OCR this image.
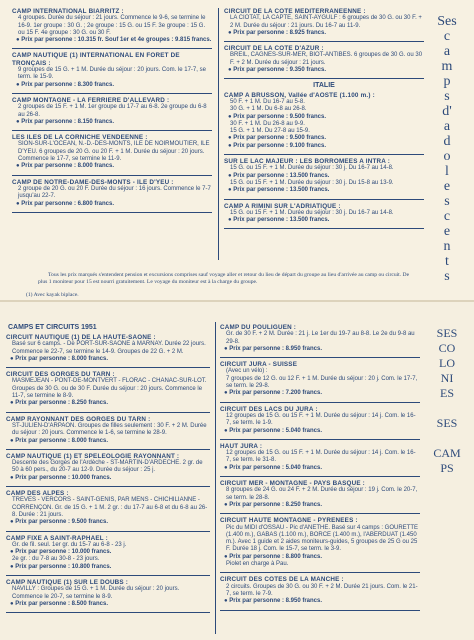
CAMP INTERNATIONAL BIARRITZ :
4 groupes. Durée du séjour : 21 jours. Commence le 9-6, se termine le 16-9. 1er groupe : 30 G. ; 2e groupe : 15 G. ou 15 F. 3e groupe : 15 G. ou 15 F. 4e groupe : 30 G. ou 30 F.
● Prix par personne : 10.315 fr. Souf 1er et 4e groupes : 9.815 francs.
CAMP NAUTIQUE (1) INTERNATIONAL EN FORET DE TRONÇAIS :
9 groupes de 15 G. + 1 M. Durée du séjour : 20 jours. Com. le 17-7, se term. le 15-9.
● Prix par personne : 8.300 francs.
CAMP MONTAGNE - LA FERRIERE D'ALLEVARD :
2 groupes de 15 F. + 1 M. 1er groupe du 17-7 au 6-8. 2e groupe du 6-8 au 26-8.
● Prix par personne : 8.150 francs.
LES ILES DE LA CORNICHE VENDEENNE :
SION-SUR-L'OCEAN, N.-D.-DES-MONTS, ILE DE NOIRMOUTIER, ILE D'YEU. 6 groupes de 20 G. ou 20 F. + 1 M. Durée du séjour : 20 jours. Commence le 17-7, se termine le 11-9.
● Prix par personne : 8.000 francs.
CAMP DE NOTRE-DAME-DES-MONTS - ILE D'YEU :
2 groupe de 20 G. ou 20 F. Durée du séjour : 16 jours. Commence le 7-7 jusqu'au 22-7.
● Prix par personne : 6.800 francs.
CIRCUIT DE LA COTE MEDITERRANEENNE :
LA CIOTAT, LA CAPTE, SAINT-AYGULF : 6 groupes de 30 G. ou 30 F. + 2 M. Durée du séjour : 21 jours. Du 16-7 au 11-9.
● Prix par personne : 8.925 francs.
CIRCUIT DE LA COTE D'AZUR :
BREIL, CAGNES-SUR-MER, BIOT-ANTIBES. 6 groupes de 30 G. ou 30 F. + 2 M. Durée du séjour : 21 jours.
● Prix par personne : 9.350 francs.
ITALIE
CAMP A BRUSSON, Vallée d'AOSTE (1.100 m.) :
50 F. + 1 M. Du 16-7 au 5-8.
30 G. + 1 M. Du 6-8 au 26-8.
● Prix par personne : 9.500 francs.
30 F. + 1 M. Du 26-8 au 9-9.
15 G. + 1 M. Du 27-8 au 15-9.
● Prix par personne : 9.500 francs.
● Prix par personne : 9.100 francs.
SUR LE LAC MAJEUR : LES BORROMEES A INTRA :
15 G. ou 15 F. + 1 M. Durée du séjour : 30 j. Du 16-7 au 14-8.
● Prix par personne : 13.500 francs.
15 G. ou 15 F. + 1 M. Durée du séjour : 30 j. Du 15-8 au 13-9.
● Prix par personne : 13.500 francs.
CAMP A RIMINI SUR L'ADRIATIQUE :
15 G. ou 15 F. + 1 M. Durée du séjour : 30 j. Du 16-7 au 14-8.
● Prix par personne : 13.500 francs.
Ses
c
a
m
p
s
d'
a
d
o
l
e
s
c
e
n
t
s
Tous les prix marqués s'entendent pension et excursions comprises sauf voyage aller et retour du lieu de départ du groupe au lieu d'arrivée au camp ou circuit. De plus 1 moniteur pour 15 est nourri gratuitement. Le voyage du moniteur est à la charge du groupe.
(1) Avec kayak biplace.
CAMPS ET CIRCUITS 1951
CIRCUIT NAUTIQUE (1) DE LA HAUTE-SAONE :
Basé sur 6 camps. - De PORT-SUR-SAONE à MARNAY. Durée 22 jours. Commence le 22-7, se termine le 14-9. Groupes de 22 G. + 2 M.
● Prix par personne : 8.000 francs.
CIRCUIT DES GORGES DU TARN :
MASMEJEAN - PONT-DE-MONTVERT - FLORAC - CHANAC-SUR-LOT. Groupes de 30 G. ou de 30 F. Durée du séjour : 20 jours. Commence le 11-7, se termine le 8-9.
● Prix par personne : 8.250 francs.
CAMP RAYONNANT DES GORGES DU TARN :
ST-JULIEN-D'ARPAON. Groupes de filles seulement : 30 F. + 2 M. Durée du séjour : 20 jours. Commence le 1-6, se termine le 28-9.
● Prix par personne : 8.000 francs.
CAMP NAUTIQUE (1) ET SPELEOLOGIE RAYONNANT :
Descente des Gorges de l'Ardèche - ST-MARTIN-D'ARDECHE. 2 gr. de 50 à 60 pers., du 20-7 au 12-9. Durée du séjour : 25 j.
● Prix par personne : 10.000 francs.
CAMP DES ALPES :
TREVES - VERCORS - SAINT-GENIS, PAR MENS - CHICHILIANNE - CORRENÇON. Gr. de 15 G. + 1 M. 2 gr. : du 17-7 au 6-8 et du 6-8 au 26-8. Durée : 21 jours.
● Prix par personne : 9.500 francs.
CAMP FIXE A SAINT-RAPHAEL :
Gr. de fil. seul. 1er gr. du 15-7 au 6-8 - 23 j.
● Prix par personne : 10.000 francs.
2e gr. : du 7-8 au 30-8 - 23 jours.
● Prix par personne : 10.800 francs.
CAMP NAUTIQUE (1) SUR LE DOUBS :
NAVILLY : Groupes de 15 G. + 1 M. Durée du séjour : 20 jours. Commence le 20-7, se termine le 8-9.
● Prix par personne : 8.500 francs.
CAMP DU POULIGUEN :
Gr. de 30 F. + 2 M. Durée : 21 j. Le 1er du 19-7 au 8-8. Le 2e du 9-8 au 29-8.
● Prix par personne : 8.950 francs.
CIRCUIT JURA - SUISSE
(Avec un vélo) :
7 groupes de 12 G. ou 12 F. + 1 M. Durée du séjour : 20 j. Com. le 17-7, se term. le 29-8.
● Prix par personne : 7.200 francs.
CIRCUIT DES LACS DU JURA :
12 groupes de 15 G. ou 15 F. + 1 M. Durée du séjour : 14 j. Com. le 16-7, se term. le 1-9.
● Prix par personne : 5.040 francs.
HAUT JURA :
12 groupes de 15 G. ou 15 F. + 1 M. Durée du séjour : 14 j. Com. le 16-7, se term. le 31-8.
● Prix par personne : 5.040 francs.
CIRCUIT MER - MONTAGNE - PAYS BASQUE :
8 groupes de 24 G. ou 24 F. + 2 M. Durée du séjour : 19 j. Com. le 20-7, se term. le 28-8.
● Prix par personne : 8.250 francs.
CIRCUIT HAUTE MONTAGNE - PYRENEES :
Pic du MIDI d'OSSAU - Pic d'ANETHE. Basé sur 4 camps : GOURETTE (1.400 m.), GABAS (1.100 m.), BORCE (1.400 m.), l'ABERDUAT (1.450 m.). Avec 1 guide et 2 aides moniteurs-guides, 5 groupes de 25 G ou 25 F. Durée 18 j. Com. le 15-7, se term. le 3-9.
● Prix par personne : 8.800 francs.
Piolet en charge à Pau.
CIRCUIT DES COTES DE LA MANCHE :
2 circuits. Groupes de 30 G. ou 30 F. + 2 M. Durée 21 jours. Com. le 21-7, se term. le 7-9.
● Prix par personne : 8.950 francs.
SES
CO
LO
NI
ES

SES

CAM
PS
